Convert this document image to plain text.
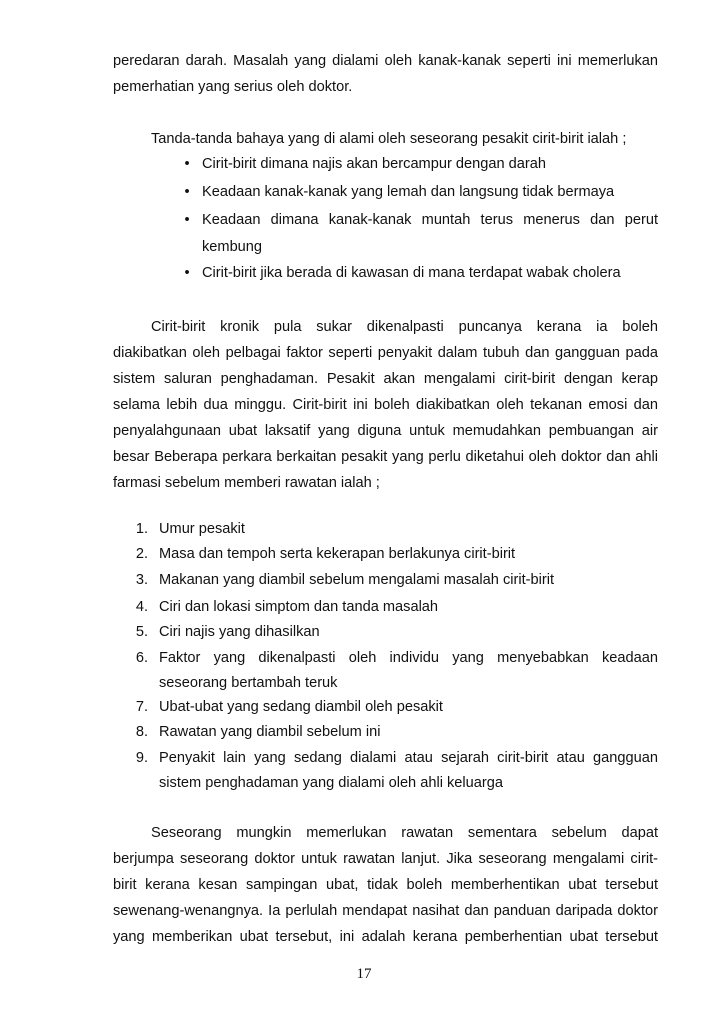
peredaran darah. Masalah yang dialami oleh kanak-kanak seperti ini memerlukan
pemerhatian yang serius oleh doktor.
Tanda-tanda bahaya yang di alami oleh seseorang pesakit cirit-birit ialah ;
• Cirit-birit dimana najis akan bercampur dengan darah
• Keadaan kanak-kanak yang lemah dan langsung tidak bermaya
• Keadaan dimana kanak-kanak muntah terus menerus dan perut
kembung
• Cirit-birit jika berada di kawasan di mana terdapat wabak cholera
Cirit-birit kronik pula sukar dikenalpasti puncanya kerana ia boleh
diakibatkan oleh pelbagai faktor seperti penyakit dalam tubuh dan gangguan pada
sistem saluran penghadaman. Pesakit akan mengalami cirit-birit dengan kerap
selama lebih dua minggu. Cirit-birit ini boleh diakibatkan oleh tekanan emosi dan
penyalahgunaan ubat laksatif yang diguna untuk memudahkan pembuangan air
besar Beberapa perkara berkaitan pesakit yang perlu diketahui oleh doktor dan ahli
farmasi sebelum memberi rawatan ialah ;
1. Umur pesakit
2. Masa dan tempoh serta kekerapan berlakunya cirit-birit
3. Makanan yang diambil sebelum mengalami masalah cirit-birit
4. Ciri dan lokasi simptom dan tanda masalah
5. Ciri najis yang dihasilkan
6. Faktor yang dikenalpasti oleh individu yang menyebabkan keadaan
seseorang bertambah teruk
7. Ubat-ubat yang sedang diambil oleh pesakit
8. Rawatan yang diambil sebelum ini
9. Penyakit lain yang sedang dialami atau sejarah cirit-birit atau gangguan
sistem penghadaman yang dialami oleh ahli keluarga
Seseorang mungkin memerlukan rawatan sementara sebelum dapat
berjumpa seseorang doktor untuk rawatan lanjut. Jika seseorang mengalami cirit-
birit kerana kesan sampingan ubat, tidak boleh memberhentikan ubat tersebut
sewenang-wenangnya. Ia perlulah mendapat nasihat dan panduan daripada doktor
yang memberikan ubat tersebut, ini adalah kerana pemberhentian ubat tersebut
17
